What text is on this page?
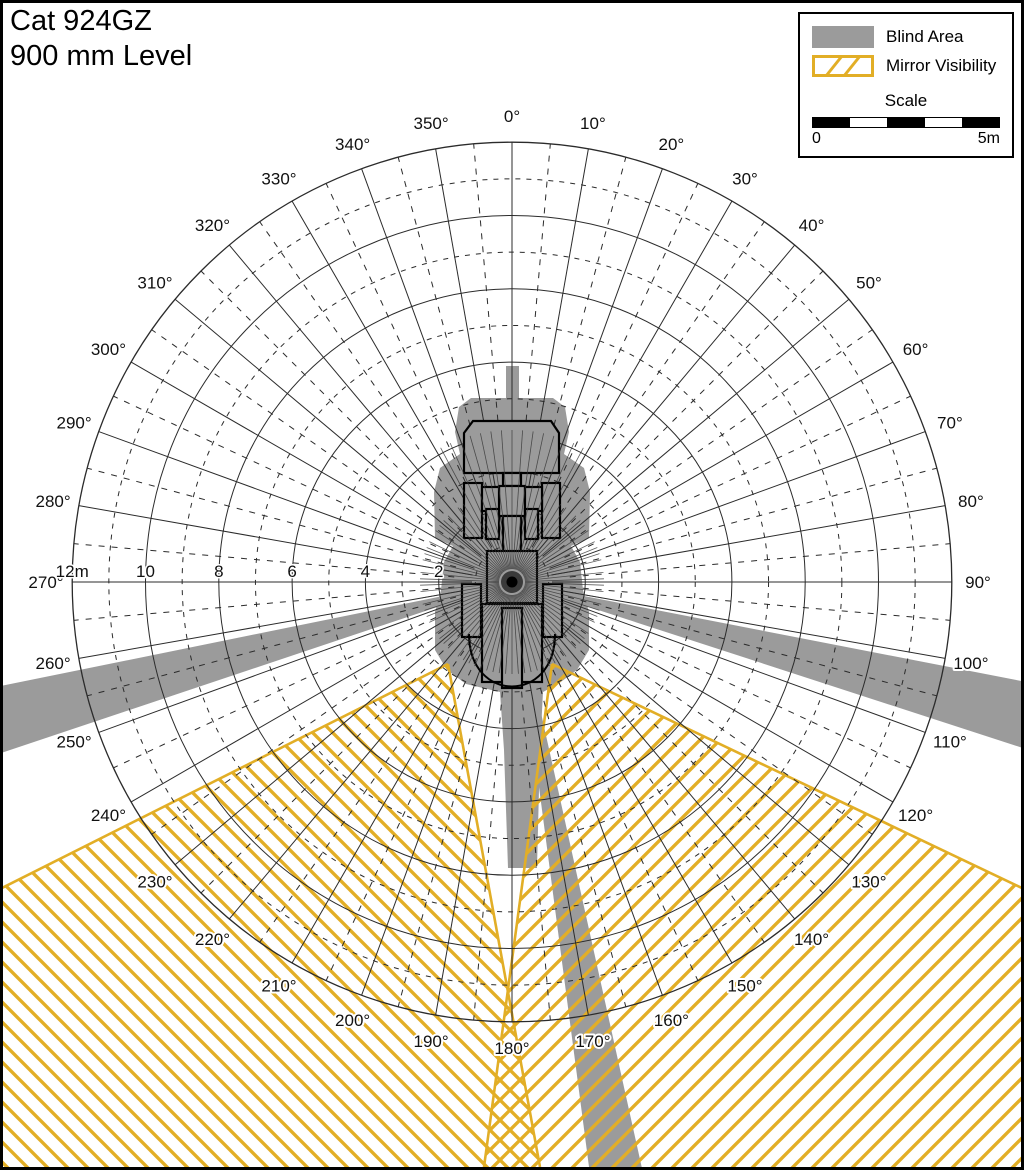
0°	10°
20°
30°
40°
50°
60°
70°
80°
90°
100°
110°
120°
130°
140°
150°
160°
170°
180°
190°
200°
210°
220°
230°
240°
250°
260°
270°
280°
290°
300°
310°
320°
330°
340°
350°
12m	10	8	6	4	2
Cat 924GZ
900 mm Level
Blind Area
Mirror Visibility
Scale
0	5m
